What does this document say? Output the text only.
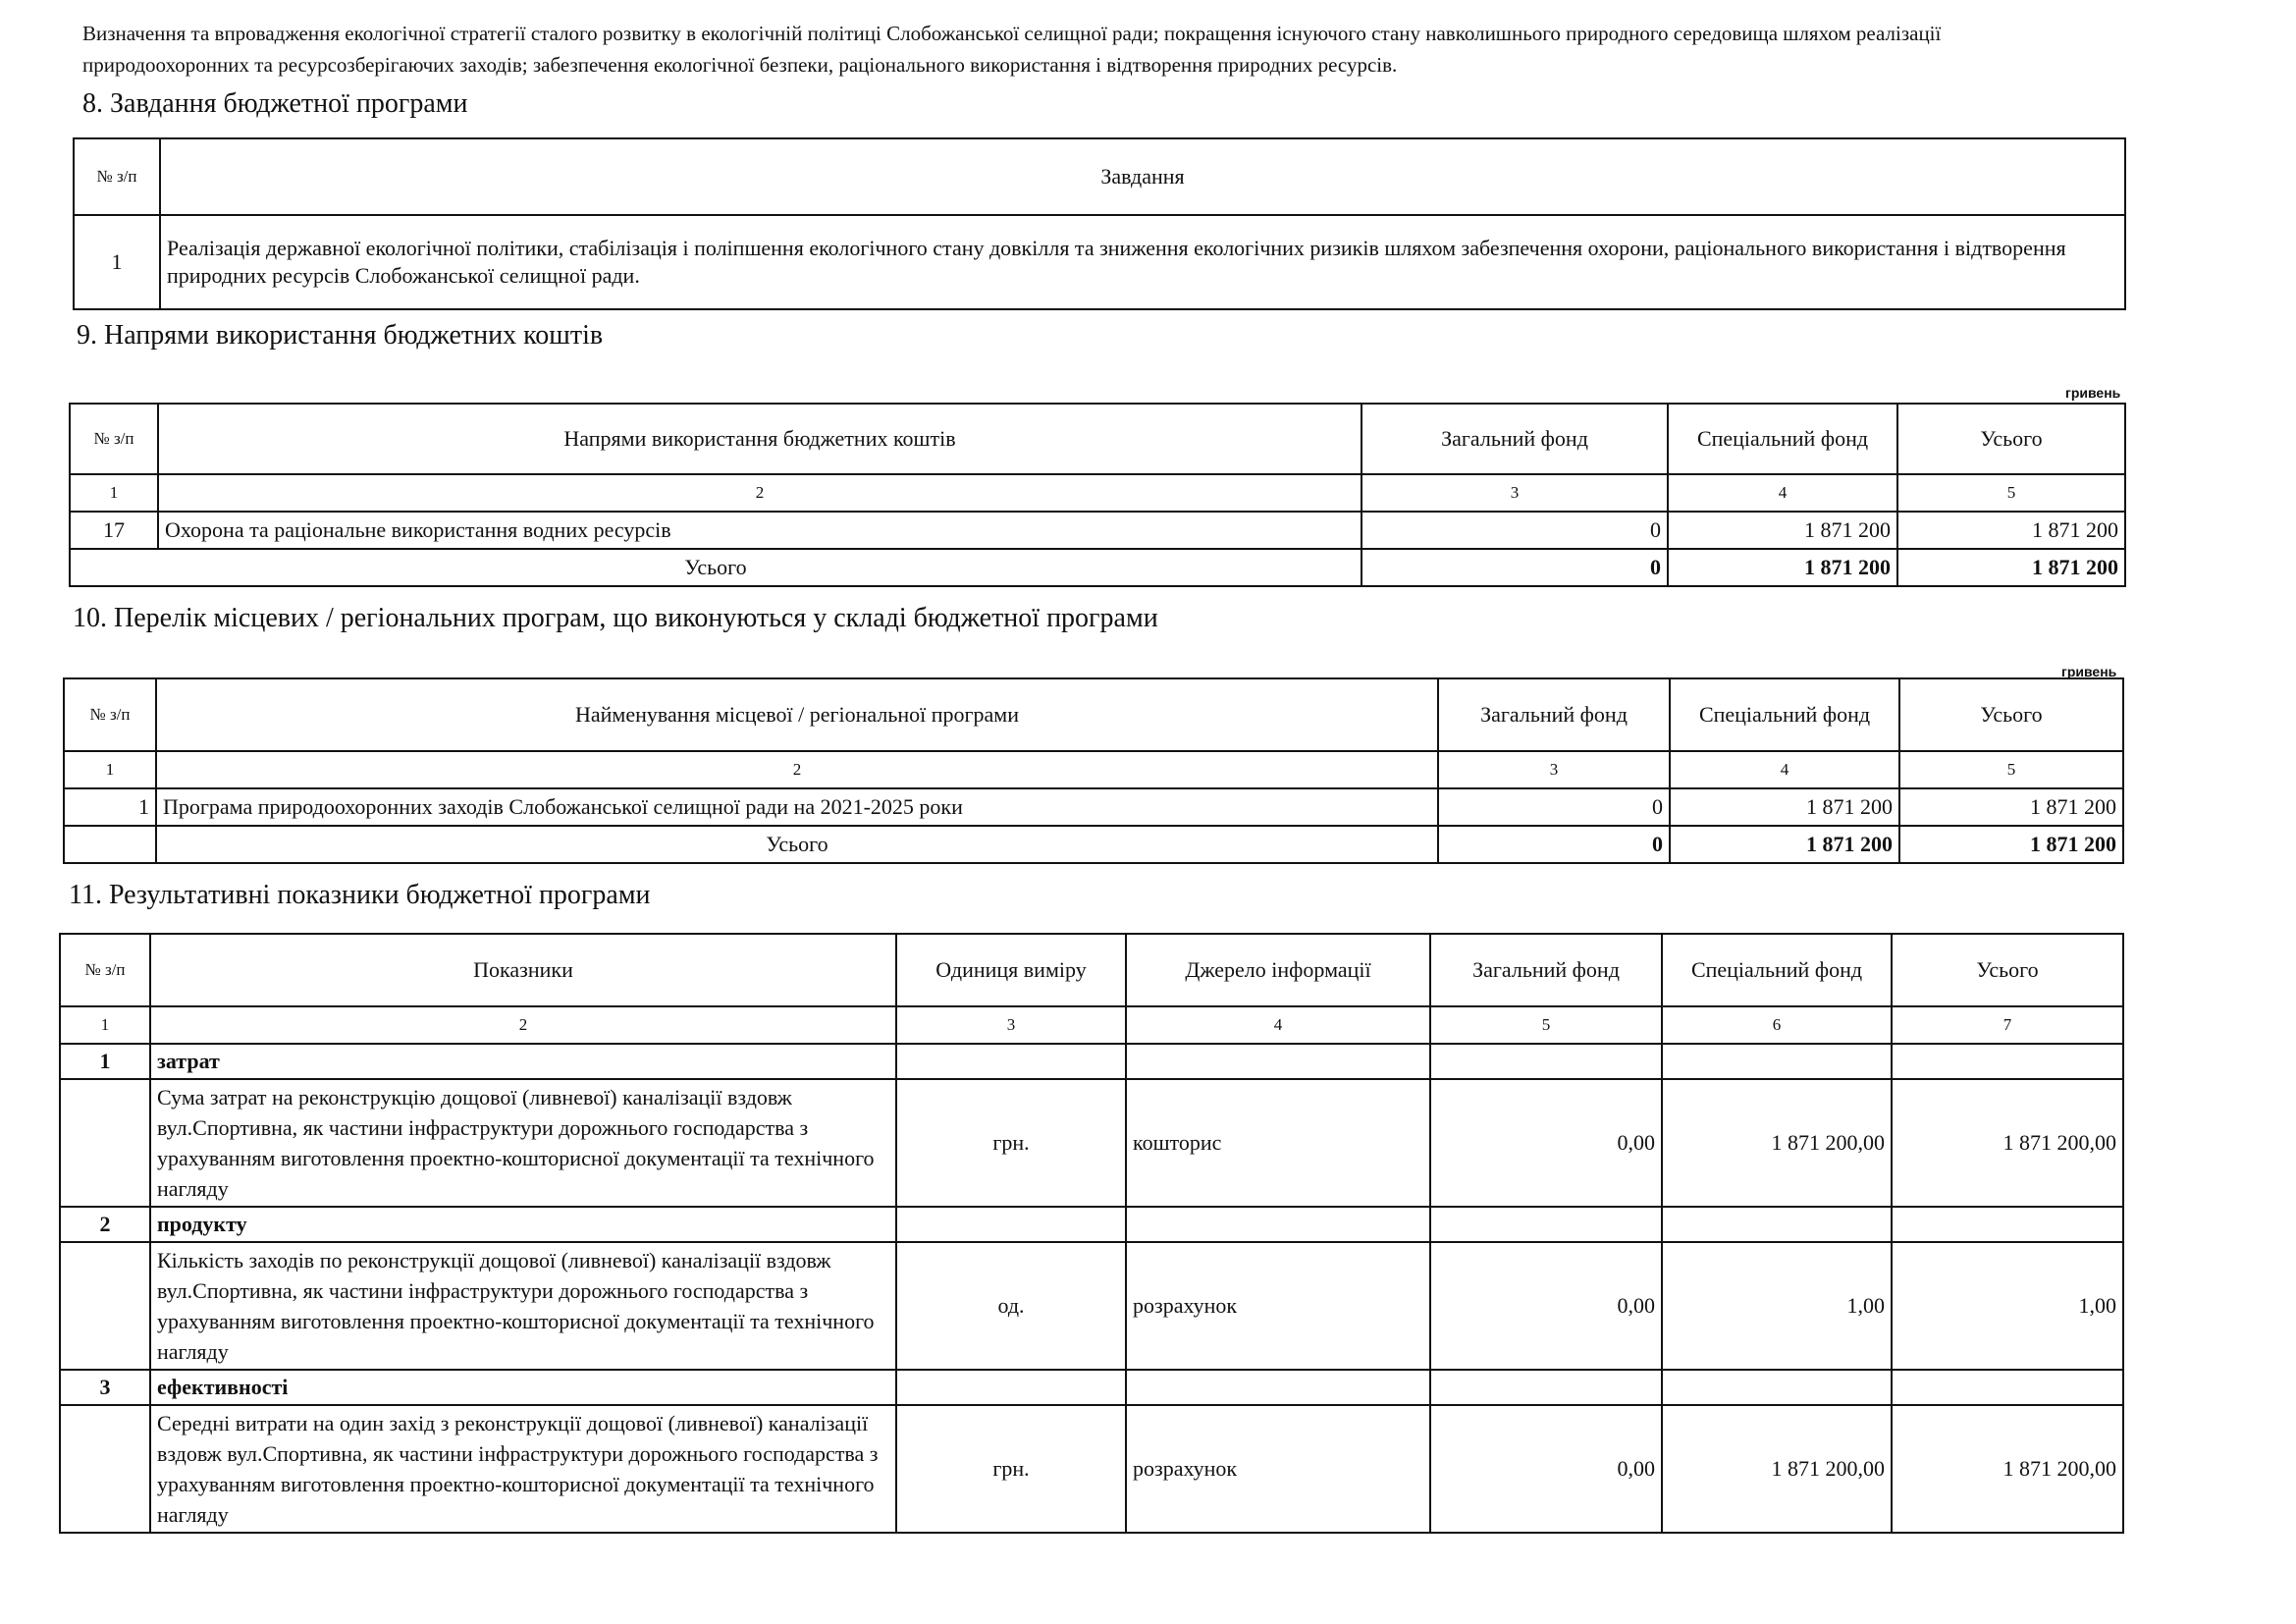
Визначення та впровадження екологічної стратегії сталого розвитку в екологічній політиці Слобожанської селищної ради; покращення існуючого стану навколишнього природного середовища шляхом реалізації природоохоронних та ресурсозберігаючих заходів; забезпечення екологічної безпеки, раціонального використання і відтворення природних ресурсів.
8. Завдання бюджетної програми
№ з/п	Завдання
1	Реалізація державної екологічної політики, стабілізація і поліпшення екологічного стану довкілля та зниження екологічних ризиків шляхом забезпечення охорони, раціонального використання і відтворення природних ресурсів Слобожанської селищної ради.
9. Напрями використання бюджетних коштів
гривень
№ з/п	Напрями використання бюджетних коштів	Загальний фонд	Спеціальний фонд	Усього
1	2	3	4	5
17	Охорона та раціональне використання водних ресурсів	0	1 871 200	1 871 200
Усього		0	1 871 200	1 871 200
10. Перелік місцевих / регіональних програм, що виконуються у складі бюджетної програми
№ з/п	Найменування місцевої / регіональної програми	Загальний фонд	Спеціальний фонд	Усього
1	2	3	4	5
1	Програма природоохоронних заходів Слобожанської селищної ради на 2021-2025 роки	0	1 871 200	1 871 200
	Усього	0	1 871 200	1 871 200
гривень
11. Результативні показники бюджетної програми
№ з/п	Показники	Одиниця виміру	Джерело інформації	Загальний фонд	Спеціальний фонд	Усього
1	2	3	4	5	6	7
1	затрат					
	Сума затрат на реконструкцію дощової (ливневої) каналізації вздовж вул.Спортивна, як частини інфраструктури дорожнього господарства з урахуванням виготовлення проектно-кошторисної документації та технічного нагляду	грн.	кошторис	0,00	1 871 200,00	1 871 200,00
2	продукту					
	Кількість заходів по реконструкції дощової (ливневої) каналізації вздовж вул.Спортивна, як частини інфраструктури дорожнього господарства з урахуванням виготовлення проектно-кошторисної документації та технічного нагляду	од.	розрахунок	0,00	1,00	1,00
3	ефективності					
	Середні витрати на один захід з реконструкції дощової (ливневої) каналізації вздовж вул.Спортивна, як частини інфраструктури дорожнього господарства з урахуванням виготовлення проектно-кошторисної документації та технічного нагляду	грн.	розрахунок	0,00	1 871 200,00	1 871 200,00
